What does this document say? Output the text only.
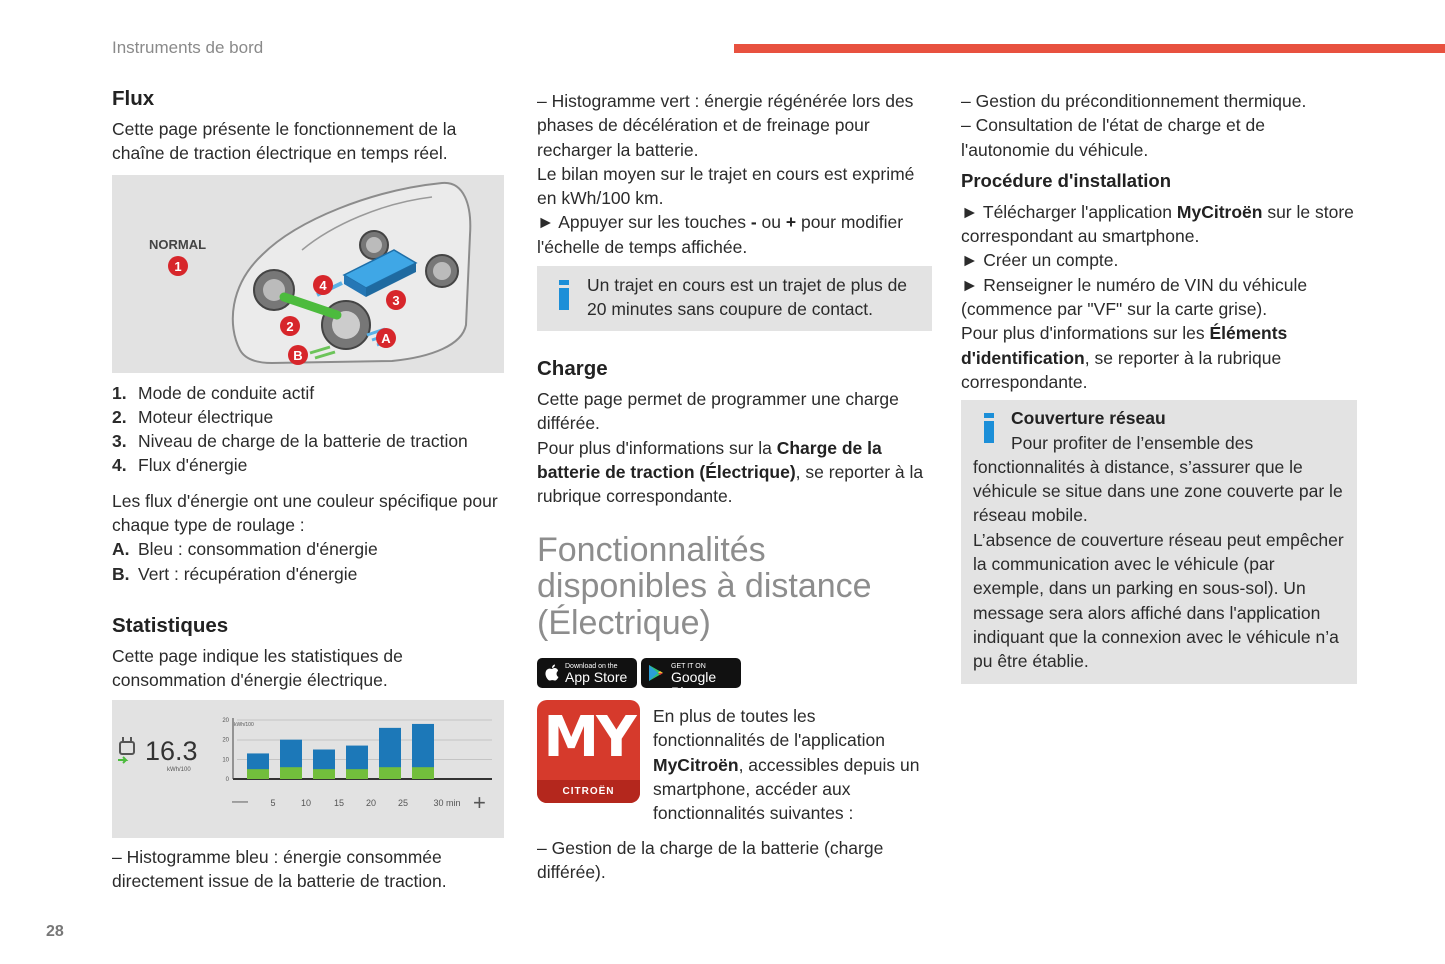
Instruments de bord
28
Flux

Cette page présente le fonctionnement de la chaîne de traction électrique en temps réel.

NORMAL
1
4
3
2
A
B
1. Mode de conduite actif
2. Moteur électrique
3. Niveau de charge de la batterie de traction
4. Flux d'énergie

Les flux d'énergie ont une couleur spécifique pour chaque type de roulage :

A. Bleu : consommation d'énergie
B. Vert : récupération d'énergie
Statistiques

Cette page indique les statistiques de consommation d'énergie électrique.

16.3
kWh/100
kWh/100
20
20
10
0
5	10	15 20 25	30 min
—	+

– Histogramme bleu : énergie consommée directement issue de la batterie de traction.

– Histogramme vert : énergie régénérée lors des phases de décélération et de freinage pour recharger la batterie.

Le bilan moyen sur le trajet en cours est exprimé en kWh/100 km.

► Appuyer sur les touches - ou + pour modifier l'échelle de temps affichée.

Un trajet en cours est un trajet de plus de 20 minutes sans coupure de contact.

Charge

Cette page permet de programmer une charge différée.

Pour plus d'informations sur la Charge de la batterie de traction (Électrique), se reporter à la rubrique correspondante.

Fonctionnalités disponibles à distance (Électrique)
Download on the
App Store
GET IT ON
Google Play
MY
CITROËN

En plus de toutes les fonctionnalités de l'application MyCitroën, accessibles depuis un smartphone, accéder aux fonctionnalités suivantes :

– Gestion de la charge de la batterie (charge différée).

– Gestion du préconditionnement thermique.

– Consultation de l'état de charge et de l'autonomie du véhicule.

Procédure d'installation

► Télécharger l'application MyCitroën sur le store correspondant au smartphone.

► Créer un compte.

► Renseigner le numéro de VIN du véhicule (commence par "VF" sur la carte grise).

Pour plus d'informations sur les Éléments d'identification, se reporter à la rubrique correspondante.

Couverture réseau

Pour profiter de l’ensemble des fonctionnalités à distance, s’assurer que le véhicule se situe dans une zone couverte par le réseau mobile.

L’absence de couverture réseau peut empêcher la communication avec le véhicule (par exemple, dans un parking en sous-sol). Un message sera alors affiché dans l'application indiquant que la connexion avec le véhicule n’a pu être établie.
